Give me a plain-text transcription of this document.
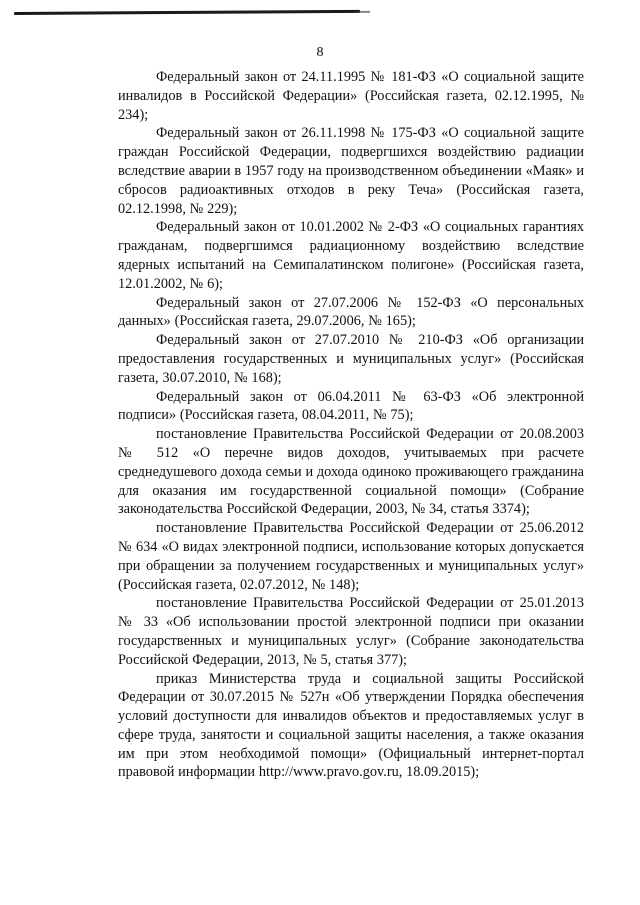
8

Федеральный закон от 24.11.1995 № 181-ФЗ «О социальной защите инвалидов в Российской Федерации» (Российская газета, 02.12.1995, № 234);

Федеральный закон от 26.11.1998 № 175-ФЗ «О социальной защите граждан Российской Федерации, подвергшихся воздействию радиации вследствие аварии в 1957 году на производственном объединении «Маяк» и сбросов радиоактивных отходов в реку Теча» (Российская газета, 02.12.1998, № 229);

Федеральный закон от 10.01.2002 № 2-ФЗ «О социальных гарантиях гражданам, подвергшимся радиационному воздействию вследствие ядерных испытаний на Семипалатинском полигоне» (Российская газета, 12.01.2002, № 6);

Федеральный закон от 27.07.2006 № 152-ФЗ «О персональных данных» (Российская газета, 29.07.2006, № 165);

Федеральный закон от 27.07.2010 № 210-ФЗ «Об организации предоставления государственных и муниципальных услуг» (Российская газета, 30.07.2010, № 168);

Федеральный закон от 06.04.2011 № 63-ФЗ «Об электронной подписи» (Российская газета, 08.04.2011, № 75);

постановление Правительства Российской Федерации от 20.08.2003 № 512 «О перечне видов доходов, учитываемых при расчете среднедушевого дохода семьи и дохода одиноко проживающего гражданина для оказания им государственной социальной помощи» (Собрание законодательства Российской Федерации, 2003, № 34, статья 3374);

постановление Правительства Российской Федерации от 25.06.2012 № 634 «О видах электронной подписи, использование которых допускается при обращении за получением государственных и муниципальных услуг» (Российская газета, 02.07.2012, № 148);

постановление Правительства Российской Федерации от 25.01.2013 № 33 «Об использовании простой электронной подписи при оказании государственных и муниципальных услуг» (Собрание законодательства Российской Федерации, 2013, № 5, статья 377);

приказ Министерства труда и социальной защиты Российской Федерации от 30.07.2015 № 527н «Об утверждении Порядка обеспечения условий доступности для инвалидов объектов и предоставляемых услуг в сфере труда, занятости и социальной защиты населения, а также оказания им при этом необходимой помощи» (Официальный интернет-портал правовой информации http://www.pravo.gov.ru, 18.09.2015);
